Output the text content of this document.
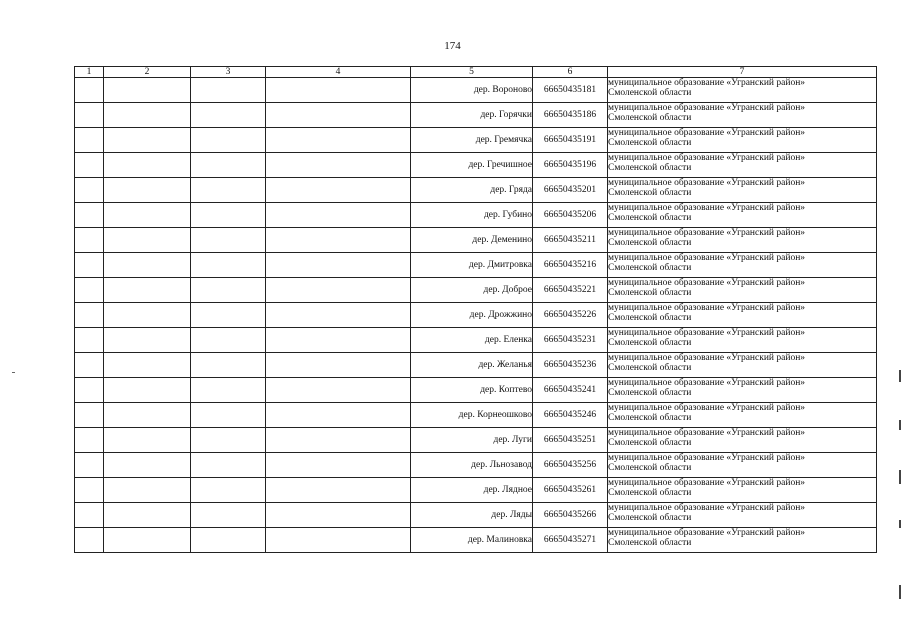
174
1	2	3	4	5	6	7
				дер. Вороново	66650435181	муниципальное образование «Угранский район»
Смоленской области

				дер. Горячки	66650435186	муниципальное образование «Угранский район»
Смоленской области

				дер. Гремячка	66650435191	муниципальное образование «Угранский район»
Смоленской области

				дер. Гречишное	66650435196	муниципальное образование «Угранский район»
Смоленской области

				дер. Гряда	66650435201	муниципальное образование «Угранский район»
Смоленской области

				дер. Губино	66650435206	муниципальное образование «Угранский район»
Смоленской области

				дер. Деменино	66650435211	муниципальное образование «Угранский район»
Смоленской области

				дер. Дмитровка	66650435216	муниципальное образование «Угранский район»
Смоленской области

				дер. Доброе	66650435221	муниципальное образование «Угранский район»
Смоленской области

				дер. Дрожжино	66650435226	муниципальное образование «Угранский район»
Смоленской области

				дер. Еленка	66650435231	муниципальное образование «Угранский район»
Смоленской области

				дер. Желанья	66650435236	муниципальное образование «Угранский район»
Смоленской области

				дер. Коптево	66650435241	муниципальное образование «Угранский район»
Смоленской области

				дер. Корнеошково	66650435246	муниципальное образование «Угранский район»
Смоленской области

				дер. Луги	66650435251	муниципальное образование «Угранский район»
Смоленской области

				дер. Льнозавод	66650435256	муниципальное образование «Угранский район»
Смоленской области

				дер. Лядное	66650435261	муниципальное образование «Угранский район»
Смоленской области

				дер. Ляды	66650435266	муниципальное образование «Угранский район»
Смоленской области

				дер. Малиновка	66650435271	муниципальное образование «Угранский район»
Смоленской области
